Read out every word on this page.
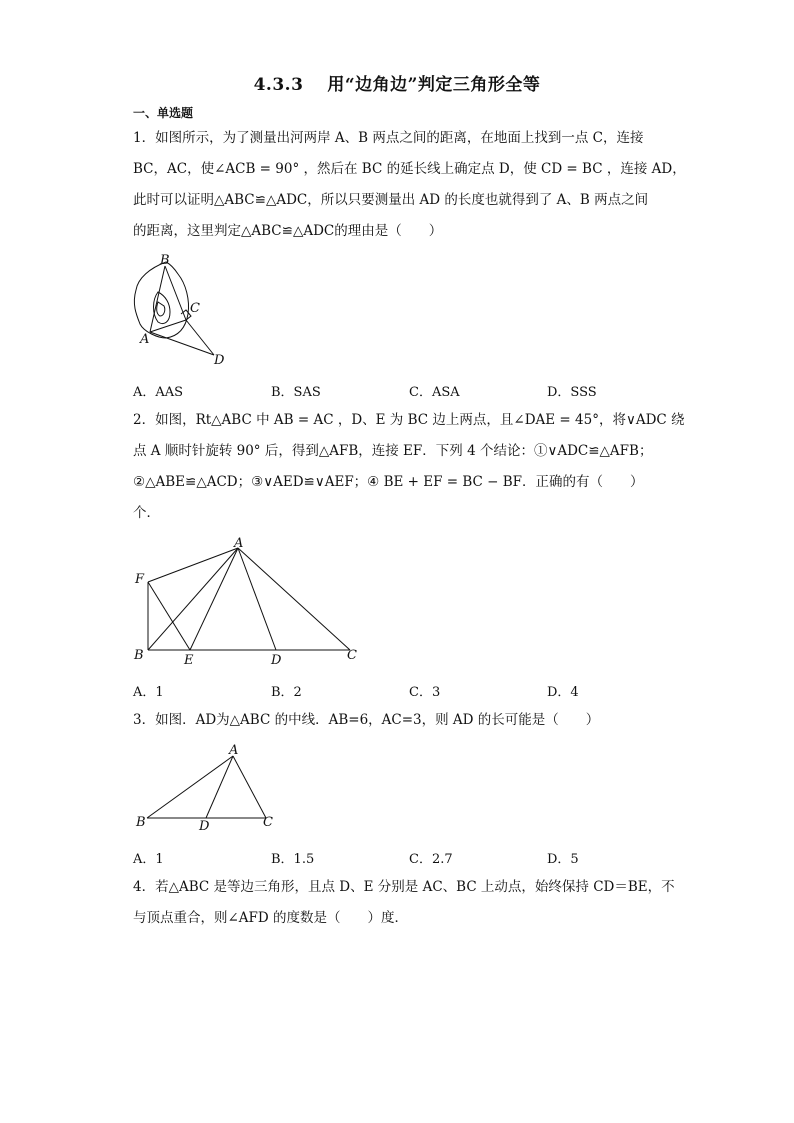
4.3.3　 用“边角边”判定三角形全等
一、单选题
1．如图所示，为了测量出河两岸 A、B 两点之间的距离，在地面上找到一点 C，连接
BC，AC，使∠ACB = 90° ，然后在 BC 的延长线上确定点 D，使 CD = BC ，连接 AD，
此时可以证明△ABC≌△ADC，所以只要测量出 AD 的长度也就得到了 A、B 两点之间
的距离，这里判定△ABC≌△ADC的理由是（　　）
B
C
A
D
A．AAS	B．SAS	C．ASA	D．SSS
2．如图，Rt△ABC 中 AB = AC ，D、E 为 BC 边上两点，且∠DAE = 45°，将∨ADC 绕
点 A 顺时针旋转 90° 后，得到△AFB，连接 EF．下列 4 个结论：①∨ADC≌△AFB；
②△ABE≌△ACD；③∨AED≌∨AEF；④ BE + EF = BC − BF．正确的有（　　）
个．
A
F
B	E	D	C
A．1	B．2	C．3	D．4
3．如图．AD为△ABC 的中线．AB=6，AC=3，则 AD 的长可能是（　　）
A
B	D	C
A．1	B．1.5	C．2.7	D．5
4．若△ABC 是等边三角形，且点 D、E 分别是 AC、BC 上动点，始终保持 CD＝BE，不
与顶点重合，则∠AFD 的度数是（　　）度．
